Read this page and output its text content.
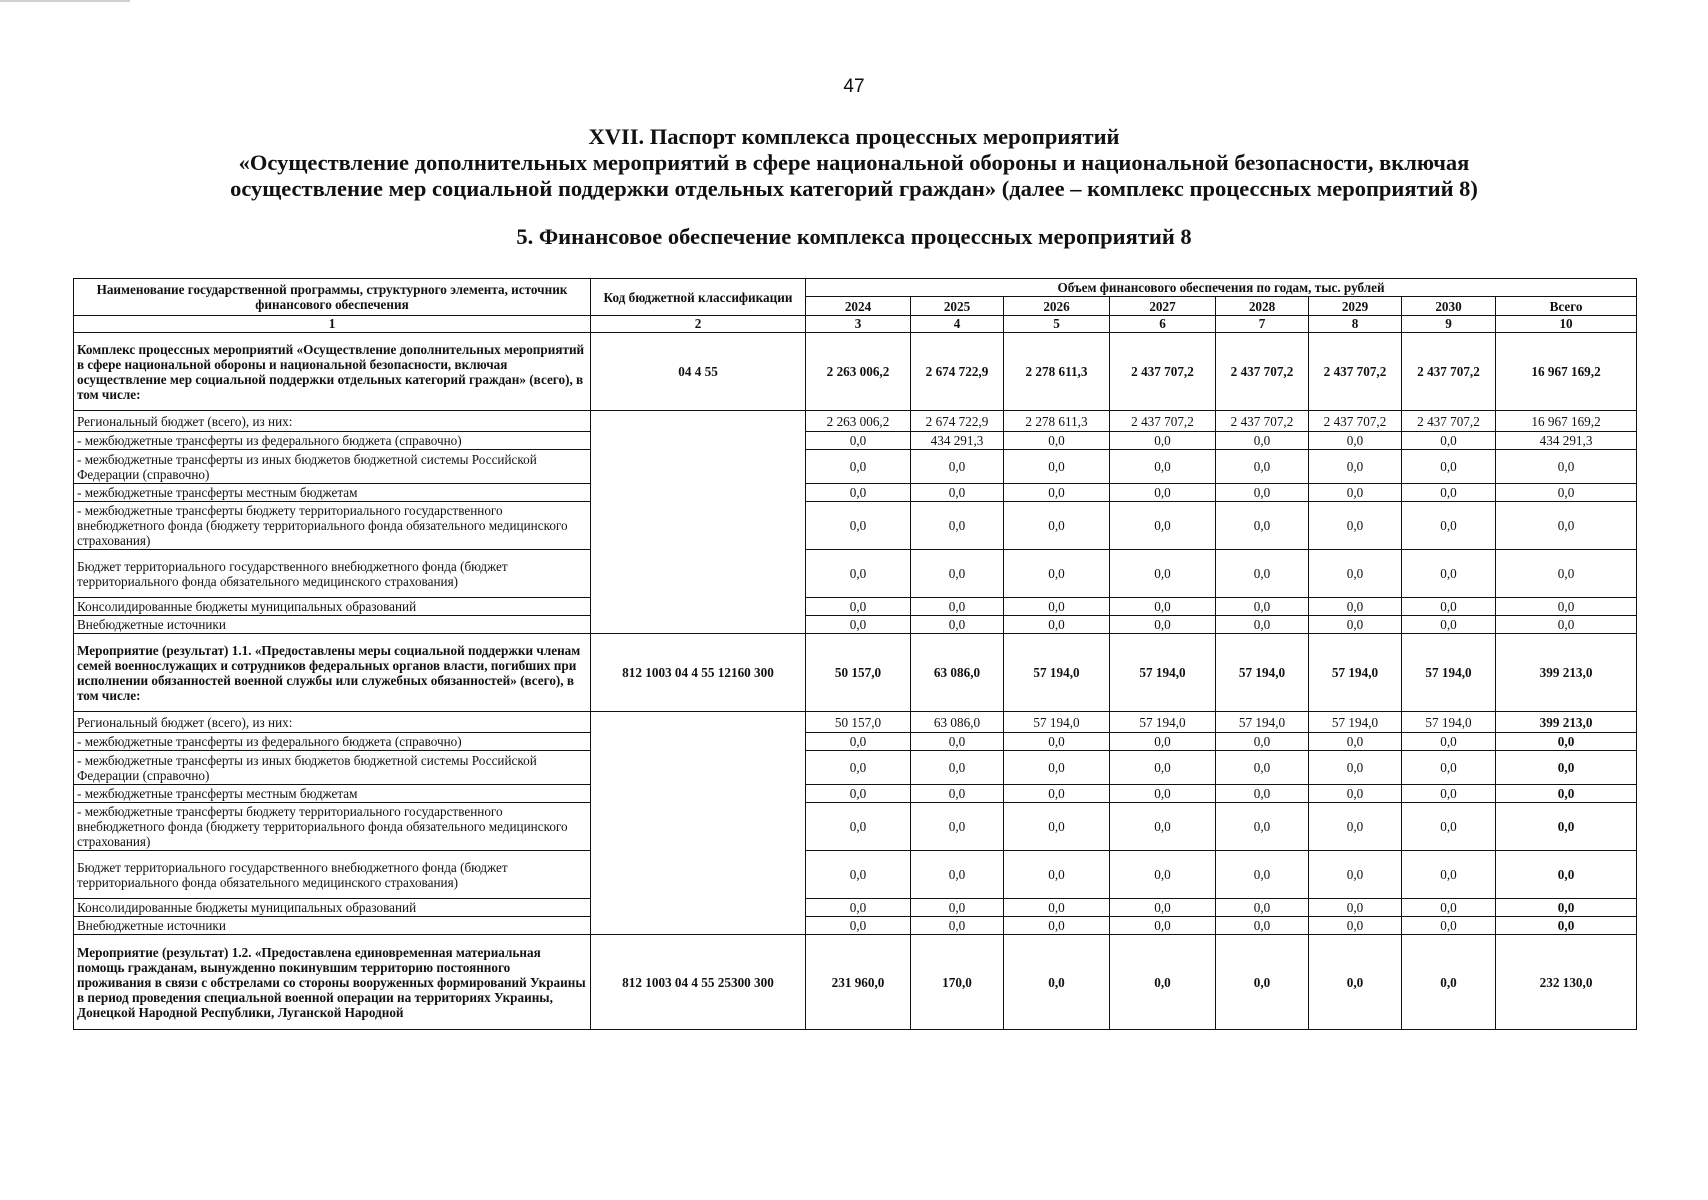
47
XVII. Паспорт комплекса процессных мероприятий
«Осуществление дополнительных мероприятий в сфере национальной обороны и национальной безопасности, включая
осуществление мер социальной поддержки отдельных категорий граждан» (далее – комплекс процессных мероприятий 8)
5. Финансовое обеспечение комплекса процессных мероприятий 8
Наименование государственной программы, структурного элемента, источник финансового обеспечения	Код бюджетной классификации	Объем финансового обеспечения по годам, тыс. рублей							
		2024	2025	2026	2027	2028	2029	2030	Всего
1	2	3	4	5	6	7	8	9	10
Комплекс процессных мероприятий «Осуществление дополнительных мероприятий в сфере национальной обороны и национальной безопасности, включая осуществление мер социальной поддержки отдельных категорий граждан» (всего), в том числе:	04 4 55	2 263 006,2	2 674 722,9	2 278 611,3	2 437 707,2	2 437 707,2	2 437 707,2	2 437 707,2	16 967 169,2
Региональный бюджет (всего), из них:		2 263 006,2	2 674 722,9	2 278 611,3	2 437 707,2	2 437 707,2	2 437 707,2	2 437 707,2	16 967 169,2
- межбюджетные трансферты из федерального бюджета (справочно)		0,0	434 291,3	0,0	0,0	0,0	0,0	0,0	434 291,3
- межбюджетные трансферты из иных бюджетов бюджетной системы Российской Федерации (справочно)		0,0	0,0	0,0	0,0	0,0	0,0	0,0	0,0
- межбюджетные трансферты местным бюджетам		0,0	0,0	0,0	0,0	0,0	0,0	0,0	0,0
- межбюджетные трансферты бюджету территориального государственного внебюджетного фонда (бюджету территориального фонда обязательного медицинского страхования)		0,0	0,0	0,0	0,0	0,0	0,0	0,0	0,0
Бюджет территориального государственного внебюджетного фонда (бюджет территориального фонда обязательного медицинского страхования)		0,0	0,0	0,0	0,0	0,0	0,0	0,0	0,0
Консолидированные бюджеты муниципальных образований		0,0	0,0	0,0	0,0	0,0	0,0	0,0	0,0
Внебюджетные источники		0,0	0,0	0,0	0,0	0,0	0,0	0,0	0,0
Мероприятие (результат) 1.1. «Предоставлены меры социальной поддержки членам семей военнослужащих и сотрудников федеральных органов власти, погибших при исполнении обязанностей военной службы или служебных обязанностей» (всего), в том числе:	812 1003 04 4 55 12160 300	50 157,0	63 086,0	57 194,0	57 194,0	57 194,0	57 194,0	57 194,0	399 213,0
Региональный бюджет (всего), из них:		50 157,0	63 086,0	57 194,0	57 194,0	57 194,0	57 194,0	57 194,0	399 213,0
- межбюджетные трансферты из федерального бюджета (справочно)		0,0	0,0	0,0	0,0	0,0	0,0	0,0	0,0
- межбюджетные трансферты из иных бюджетов бюджетной системы Российской Федерации (справочно)		0,0	0,0	0,0	0,0	0,0	0,0	0,0	0,0
- межбюджетные трансферты местным бюджетам		0,0	0,0	0,0	0,0	0,0	0,0	0,0	0,0
- межбюджетные трансферты бюджету территориального государственного внебюджетного фонда (бюджету территориального фонда обязательного медицинского страхования)		0,0	0,0	0,0	0,0	0,0	0,0	0,0	0,0
Бюджет территориального государственного внебюджетного фонда (бюджет территориального фонда обязательного медицинского страхования)		0,0	0,0	0,0	0,0	0,0	0,0	0,0	0,0
Консолидированные бюджеты муниципальных образований		0,0	0,0	0,0	0,0	0,0	0,0	0,0	0,0
Внебюджетные источники		0,0	0,0	0,0	0,0	0,0	0,0	0,0	0,0
Мероприятие (результат) 1.2. «Предоставлена единовременная материальная помощь гражданам, вынужденно покинувшим территорию постоянного проживания в связи с обстрелами со стороны вооруженных формирований Украины в период проведения специальной военной операции на территориях Украины, Донецкой Народной Республики, Луганской Народной	812 1003 04 4 55 25300 300	231 960,0	170,0	0,0	0,0	0,0	0,0	0,0	232 130,0
